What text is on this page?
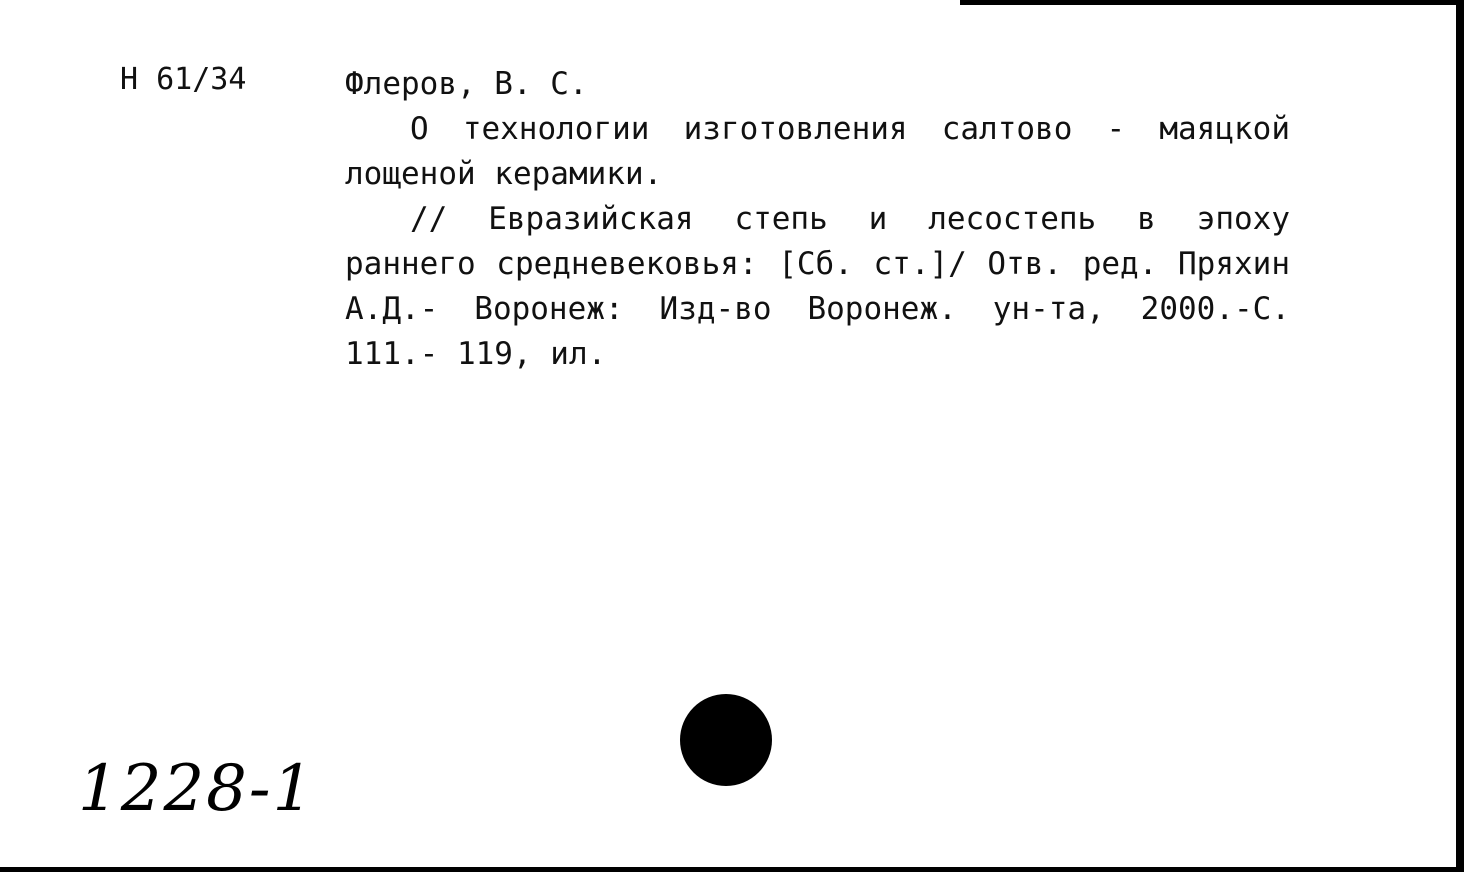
Н 61/34	Флеров, В. С.
О технологии изготовления салтово - маяцкой лощеной керамики.
// Евразийская степь и лесостепь в эпоху раннего средневековья: [Сб. ст.]/ Отв. ред. Пряхин А.Д.- Воронеж: Изд-во Воронеж. ун-та, 2000.-С. 111.- 119, ил.
1228-1
